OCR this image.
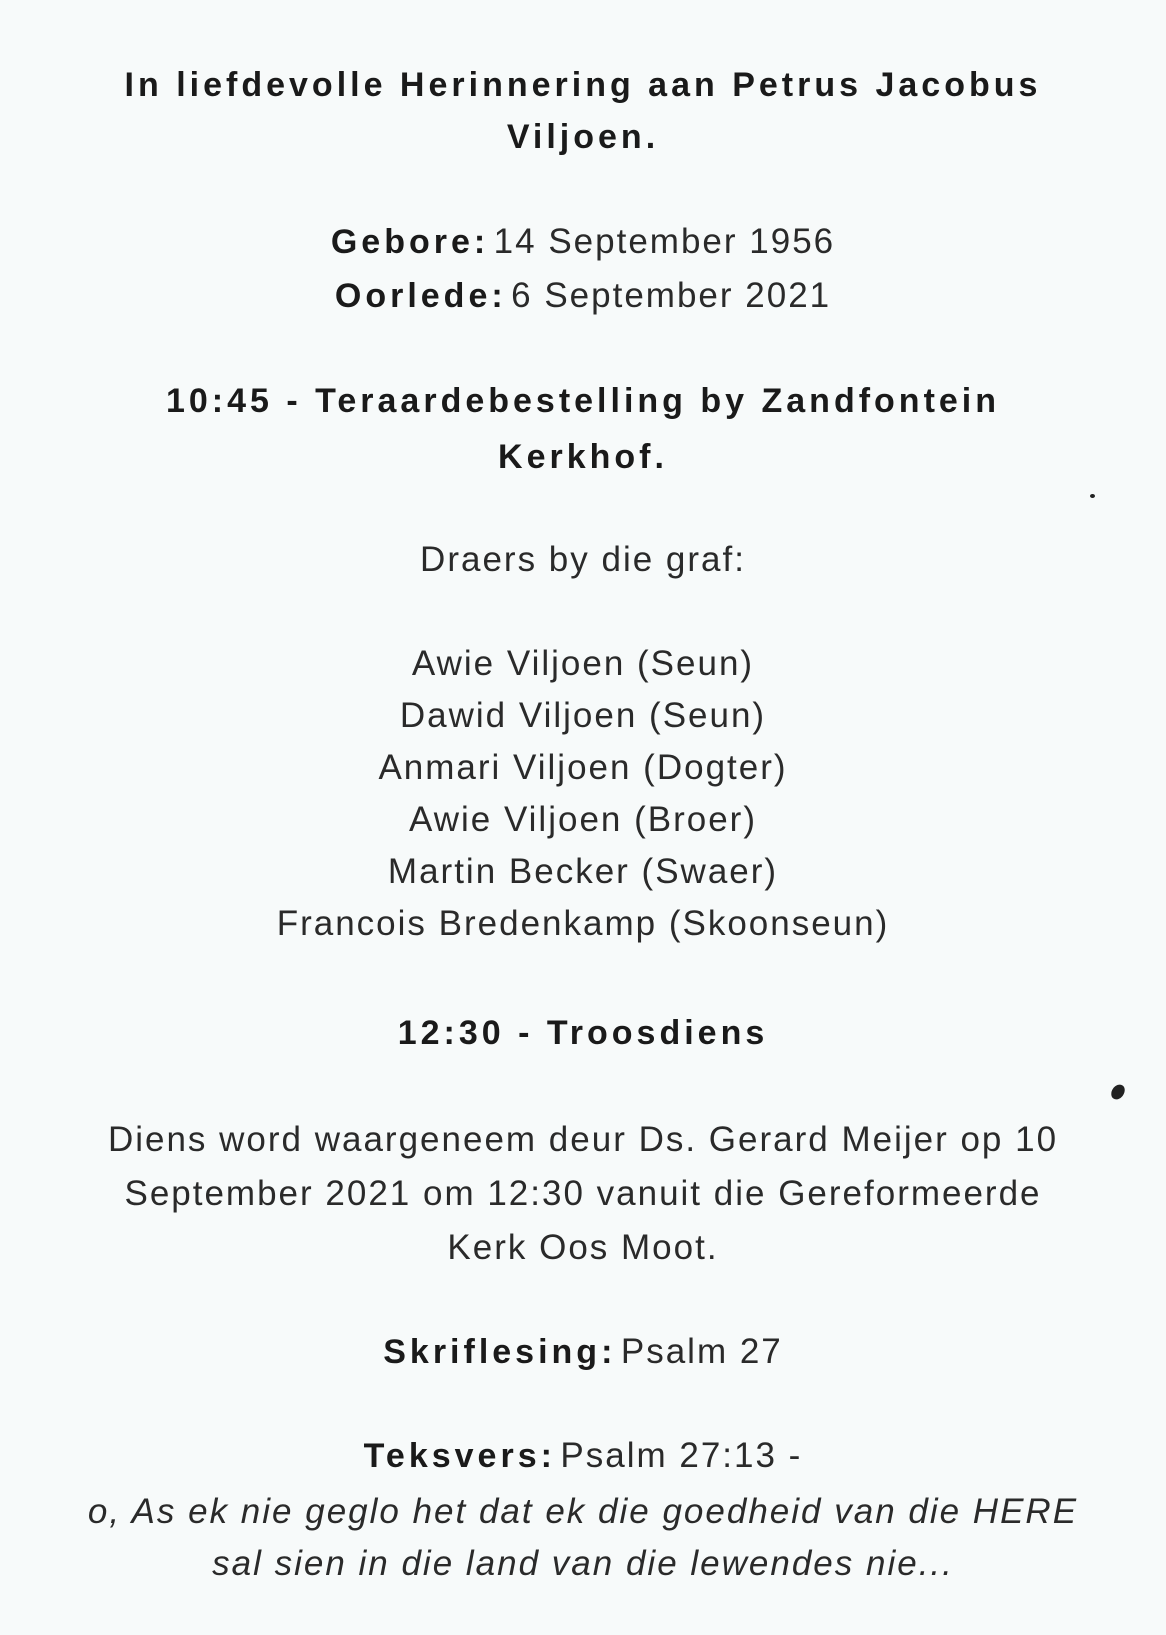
In liefdevolle Herinnering aan Petrus Jacobus
Viljoen.
Gebore: 14 September 1956
Oorlede: 6 September 2021
10:45 - Teraardebestelling by Zandfontein
Kerkhof.
Draers by die graf:
Awie Viljoen (Seun)
Dawid Viljoen (Seun)
Anmari Viljoen (Dogter)
Awie Viljoen (Broer)
Martin Becker (Swaer)
Francois Bredenkamp (Skoonseun)
12:30 - Troosdiens
Diens word waargeneem deur Ds. Gerard Meijer op 10
September 2021 om 12:30 vanuit die Gereformeerde
Kerk Oos Moot.
Skriflesing: Psalm 27
Teksvers: Psalm 27:13 -
o, As ek nie geglo het dat ek die goedheid van die HERE
sal sien in die land van die lewendes nie...
